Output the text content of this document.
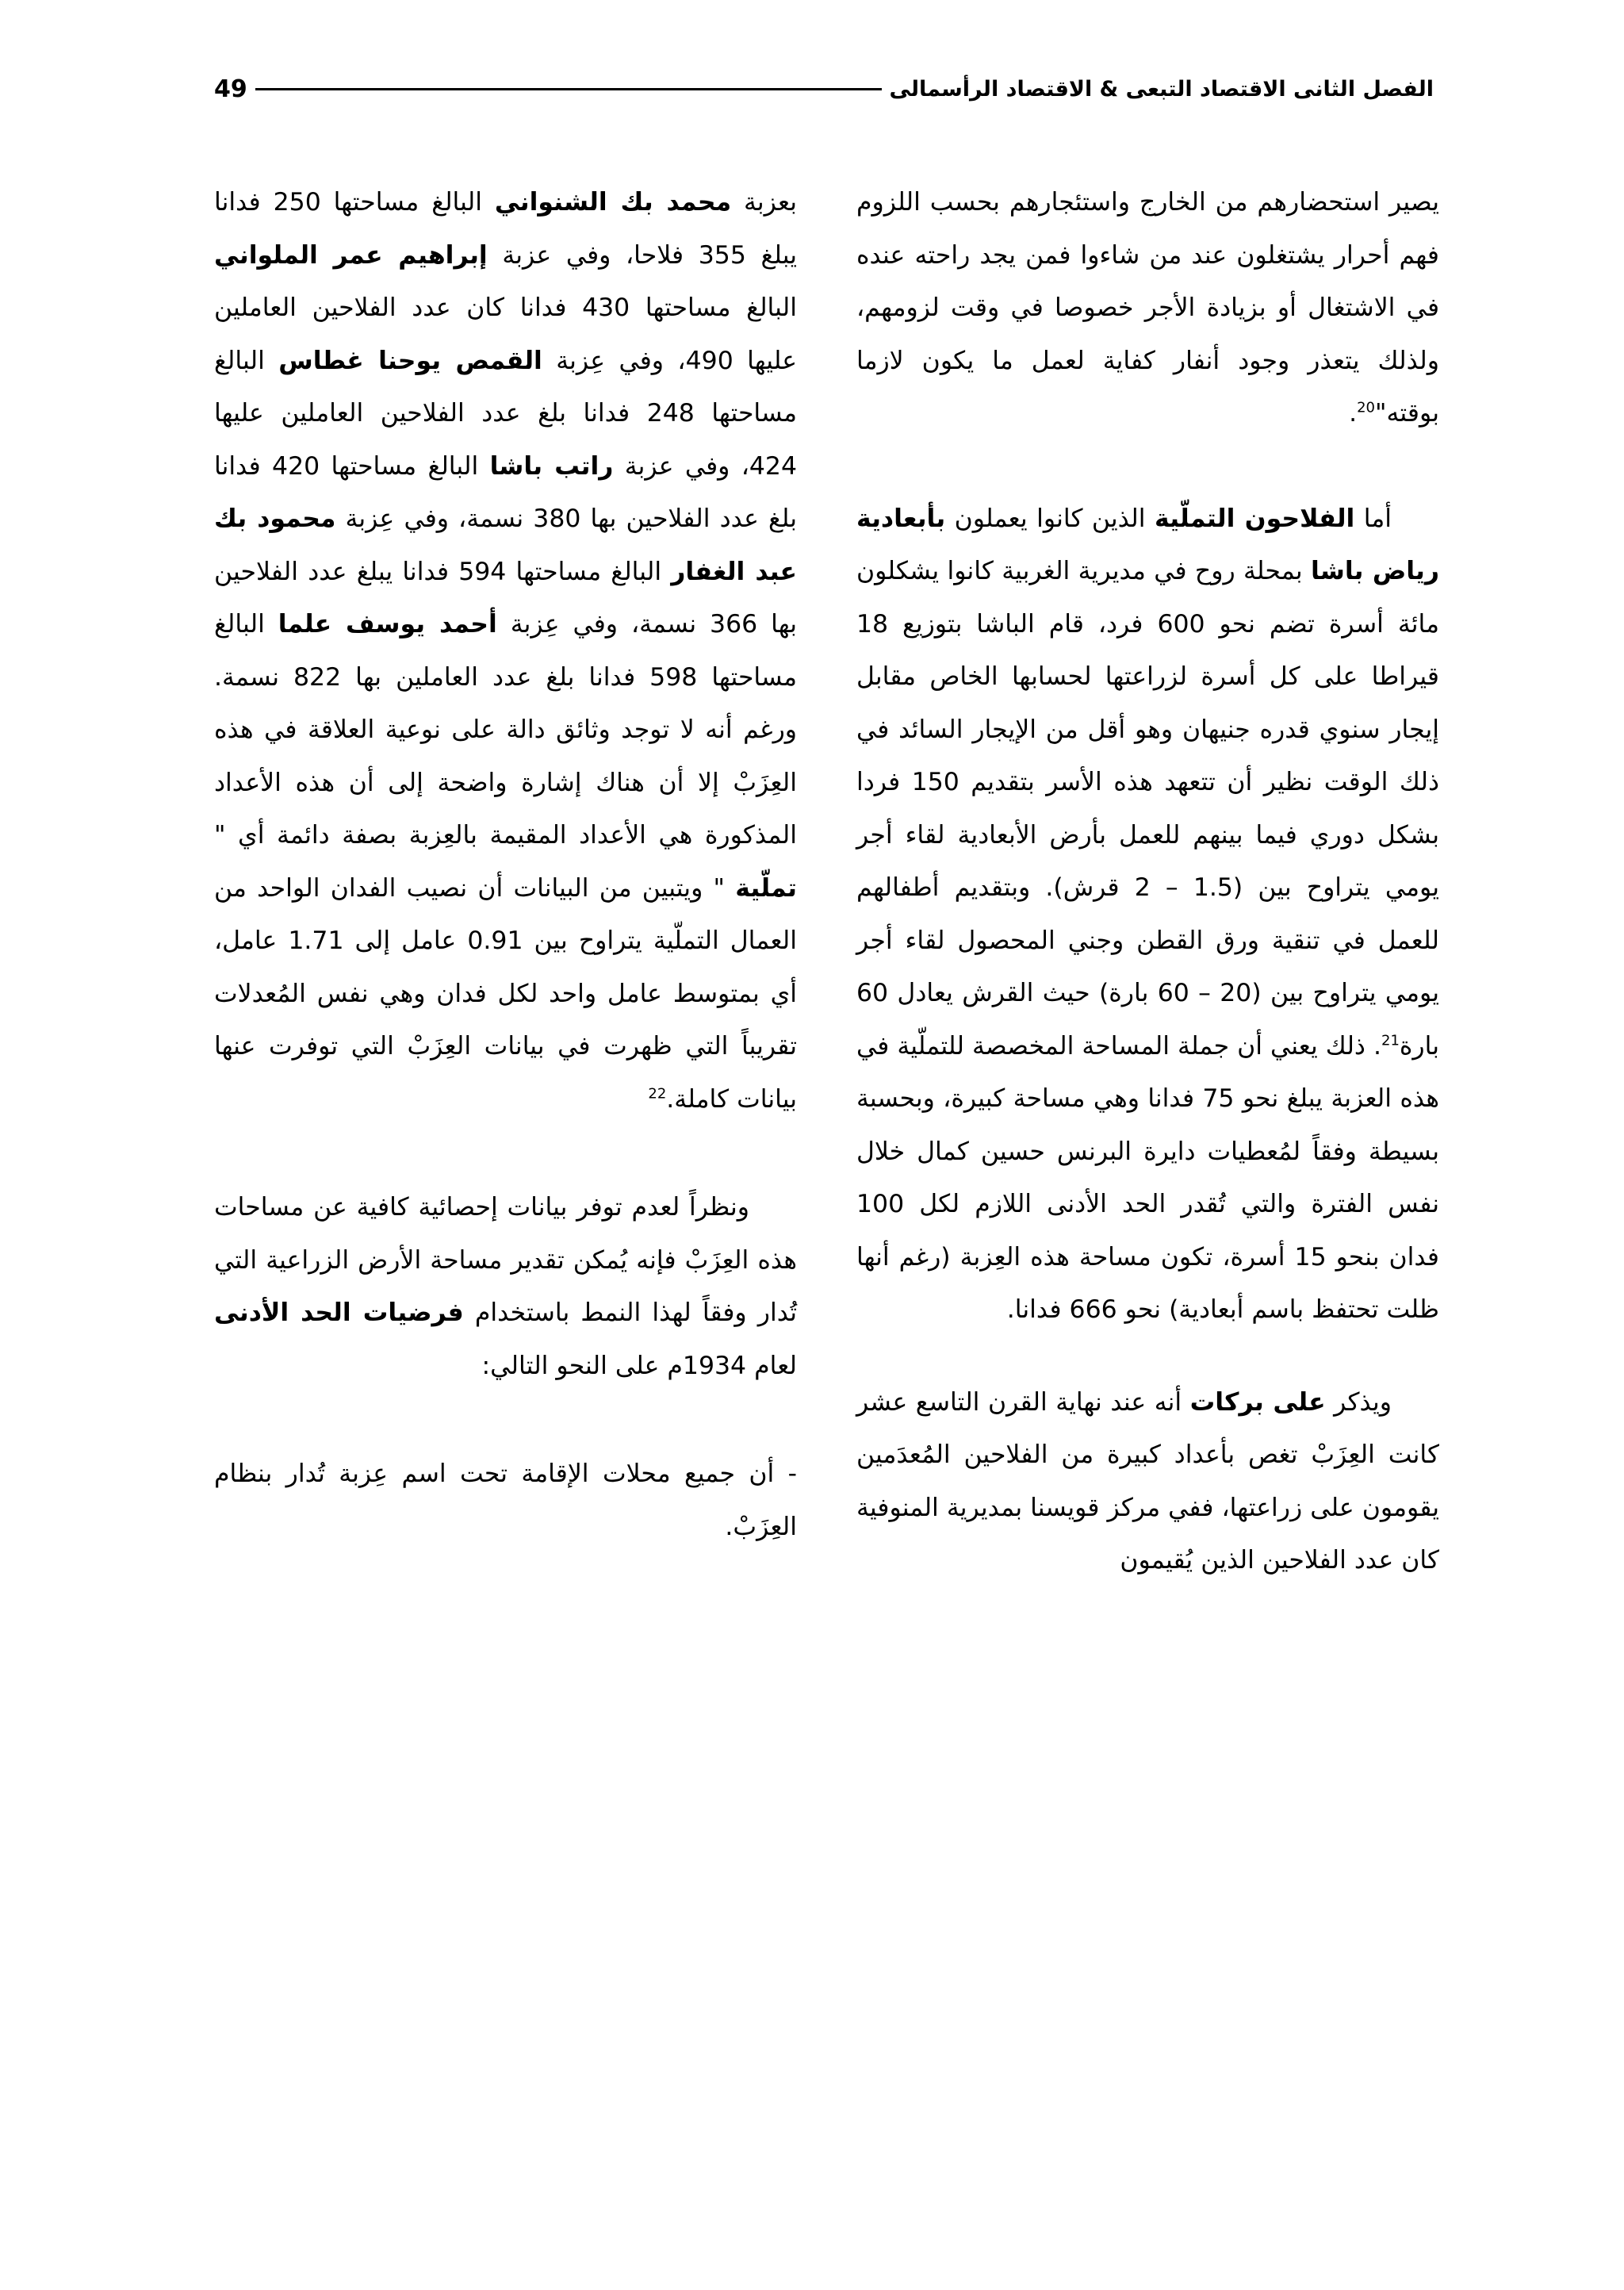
الفصل الثانى الاقتصاد التبعى & الاقتصاد الرأسمالى
49

يصير استحضارهم من الخارج واستئجارهم بحسب اللزوم فهم أحرار يشتغلون عند من شاءوا فمن يجد راحته عنده في الاشتغال أو بزيادة الأجر خصوصا في وقت لزومهم، ولذلك يتعذر وجود أنفار كفاية لعمل ما يكون لازما بوقته"$^{20}$.

أما الفلاحون التملّية الذين كانوا يعملون بأبعادية رياض باشا بمحلة روح في مديرية الغربية كانوا يشكلون مائة أسرة تضم نحو 600 فرد، قام الباشا بتوزيع 18 قيراطا على كل أسرة لزراعتها لحسابها الخاص مقابل إيجار سنوي قدره جنيهان وهو أقل من الإيجار السائد في ذلك الوقت نظير أن تتعهد هذه الأسر بتقديم 150 فردا بشكل دوري فيما بينهم للعمل بأرض الأبعادية لقاء أجر يومي يتراوح بين (1.5 – 2 قرش). وبتقديم أطفالهم للعمل في تنقية ورق القطن وجني المحصول لقاء أجر يومي يتراوح بين (20 – 60 بارة) حيث القرش يعادل 60 بارة$^{21}$. ذلك يعني أن جملة المساحة المخصصة للتملّية في هذه العزبة يبلغ نحو 75 فدانا وهي مساحة كبيرة، وبحسبة بسيطة وفقاً لمُعطيات دايرة البرنس حسين كمال خلال نفس الفترة والتي تُقدر الحد الأدنى اللازم لكل 100 فدان بنحو 15 أسرة، تكون مساحة هذه العِزبة (رغم أنها ظلت تحتفظ باسم أبعادية) نحو 666 فدانا.

ويذكر على بركات أنه عند نهاية القرن التاسع عشر كانت العِزَبْ تغص بأعداد كبيرة من الفلاحين المُعدَمين يقومون على زراعتها، ففي مركز قويسنا بمديرية المنوفية كان عدد الفلاحين الذين يُقيمون

بعزبة محمد بك الشنواني البالغ مساحتها 250 فدانا يبلغ 355 فلاحا، وفي عزبة إبراهيم عمر الملواني البالغ مساحتها 430 فدانا كان عدد الفلاحين العاملين عليها 490، وفي عِزبة القمص يوحنا غطاس البالغ مساحتها 248 فدانا بلغ عدد الفلاحين العاملين عليها 424، وفي عزبة راتب باشا البالغ مساحتها 420 فدانا بلغ عدد الفلاحين بها 380 نسمة، وفي عِزبة محمود بك عبد الغفار البالغ مساحتها 594 فدانا يبلغ عدد الفلاحين بها 366 نسمة، وفي عِزبة أحمد يوسف علما البالغ مساحتها 598 فدانا بلغ عدد العاملين بها 822 نسمة. ورغم أنه لا توجد وثائق دالة على نوعية العلاقة في هذه العِزَبْ إلا أن هناك إشارة واضحة إلى أن هذه الأعداد المذكورة هي الأعداد المقيمة بالعِزبة بصفة دائمة أي " تملّية " ويتبين من البيانات أن نصيب الفدان الواحد من العمال التملّية يتراوح بين 0.91 عامل إلى 1.71 عامل، أي بمتوسط عامل واحد لكل فدان وهي نفس المُعدلات تقريباً التي ظهرت في بيانات العِزَبْ التي توفرت عنها بيانات كاملة.$^{22}$

ونظراً لعدم توفر بيانات إحصائية كافية عن مساحات هذه العِزَبْ فإنه يُمكن تقدير مساحة الأرض الزراعية التي تُدار وفقاً لهذا النمط باستخدام فرضيات الحد الأدنى لعام 1934م على النحو التالي:

- أن جميع محلات الإقامة تحت اسم عِزبة تُدار بنظام العِزَبْ.
